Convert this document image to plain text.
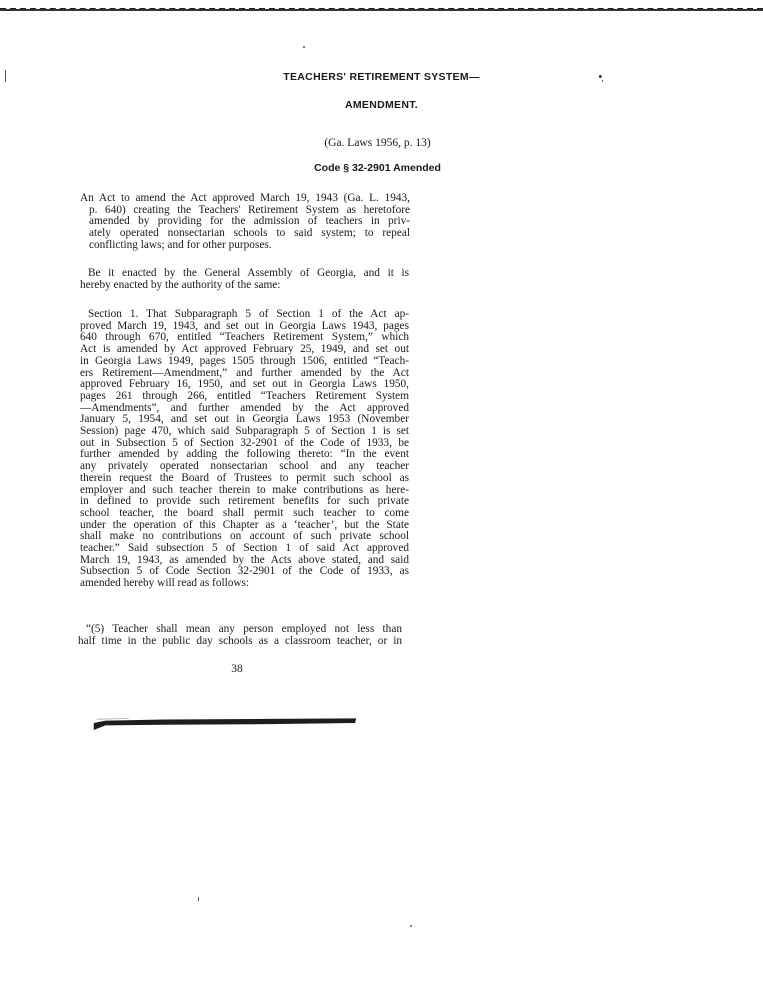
•.
TEACHERS' RETIREMENT SYSTEM—
AMENDMENT.
(Ga. Laws 1956, p. 13)
Code § 32-2901 Amended
An Act to amend the Act approved March 19, 1943 (Ga. L. 1943,
p. 640) creating the Teachers' Retirement System as heretofore
amended by providing for the admission of teachers in priv-
ately operated nonsectarian schools to said system; to repeal
conflicting laws; and for other purposes.
Be it enacted by the General Assembly of Georgia, and it is
hereby enacted by the authority of the same:
Section 1. That Subparagraph 5 of Section 1 of the Act ap-
proved March 19, 1943, and set out in Georgia Laws 1943, pages
640 through 670, entitled “Teachers Retirement System,” which
Act is amended by Act approved February 25, 1949, and set out
in Georgia Laws 1949, pages 1505 through 1506, entitled “Teach-
ers Retirement—Amendment,” and further amended by the Act
approved February 16, 1950, and set out in Georgia Laws 1950,
pages 261 through 266, entitled “Teachers Retirement System
—Amendments”, and further amended by the Act approved
January 5, 1954, and set out in Georgia Laws 1953 (November
Session) page 470, which said Subparagraph 5 of Section 1 is set
out in Subsection 5 of Section 32-2901 of the Code of 1933, be
further amended by adding the following thereto: “In the event
any privately operated nonsectarian school and any teacher
therein request the Board of Trustees to permit such school as
employer and such teacher therein to make contributions as here-
in defined to provide such retirement benefits for such private
school teacher, the board shall permit such teacher to come
under the operation of this Chapter as a ‘teacher’, but the State
shall make no contributions on account of such private school
teacher.” Said subsection 5 of Section 1 of said Act approved
March 19, 1943, as amended by the Acts above stated, and said
Subsection 5 of Code Section 32-2901 of the Code of 1933, as
amended hereby will read as follows:
“(5) Teacher shall mean any person employed not less than
half time in the public day schools as a classroom teacher, or in
38
